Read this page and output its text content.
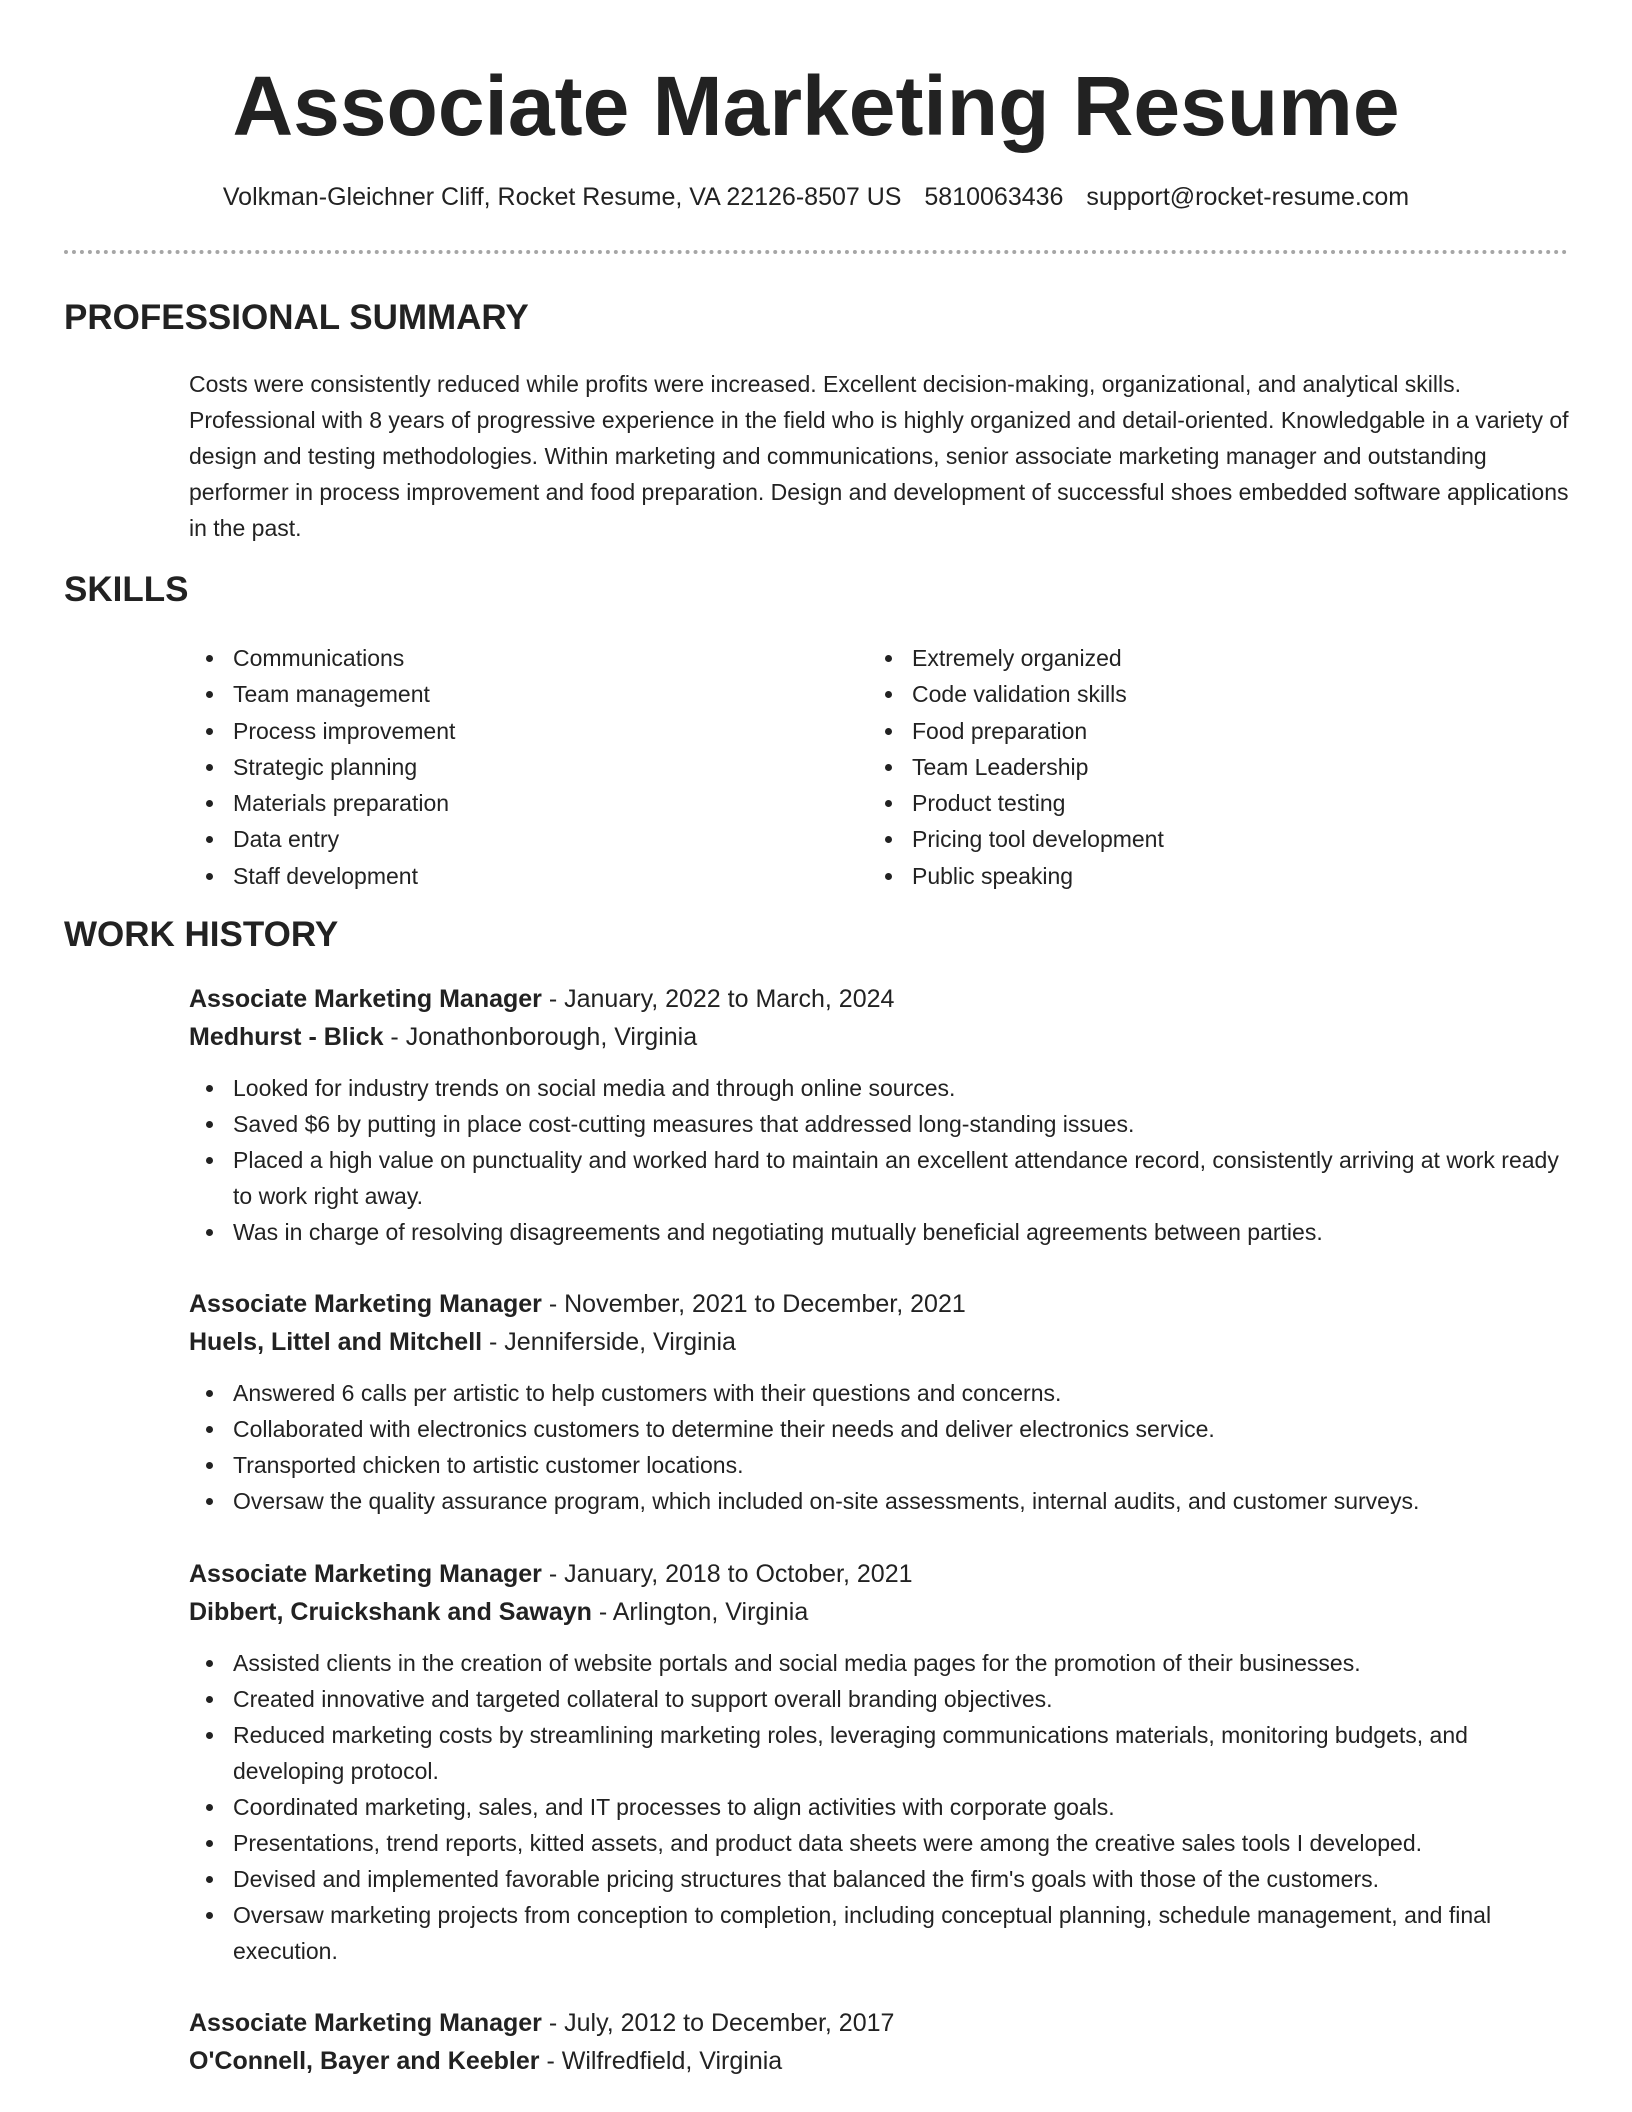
Associate Marketing Resume
Volkman-Gleichner Cliff, Rocket Resume, VA 22126-8507 US 5810063436 support@rocket-resume.com
PROFESSIONAL SUMMARY

Costs were consistently reduced while profits were increased. Excellent decision-making, organizational, and analytical skills. Professional with 8 years of progressive experience in the field who is highly organized and detail-oriented. Knowledgable in a variety of design and testing methodologies. Within marketing and communications, senior associate marketing manager and outstanding performer in process improvement and food preparation. Design and development of successful shoes embedded software applications in the past.

SKILLS
Communications
Team management
Process improvement
Strategic planning
Materials preparation
Data entry
Staff development
Extremely organized
Code validation skills
Food preparation
Team Leadership
Product testing
Pricing tool development
Public speaking
WORK HISTORY
Associate Marketing Manager - January, 2022 to March, 2024
Medhurst - Blick - Jonathonborough, Virginia
Looked for industry trends on social media and through online sources.
Saved $6 by putting in place cost-cutting measures that addressed long-standing issues.
Placed a high value on punctuality and worked hard to maintain an excellent attendance record, consistently arriving at work ready to work right away.
Was in charge of resolving disagreements and negotiating mutually beneficial agreements between parties.
Associate Marketing Manager - November, 2021 to December, 2021
Huels, Littel and Mitchell - Jenniferside, Virginia
Answered 6 calls per artistic to help customers with their questions and concerns.
Collaborated with electronics customers to determine their needs and deliver electronics service.
Transported chicken to artistic customer locations.
Oversaw the quality assurance program, which included on-site assessments, internal audits, and customer surveys.
Associate Marketing Manager - January, 2018 to October, 2021
Dibbert, Cruickshank and Sawayn - Arlington, Virginia
Assisted clients in the creation of website portals and social media pages for the promotion of their businesses.
Created innovative and targeted collateral to support overall branding objectives.
Reduced marketing costs by streamlining marketing roles, leveraging communications materials, monitoring budgets, and developing protocol.
Coordinated marketing, sales, and IT processes to align activities with corporate goals.
Presentations, trend reports, kitted assets, and product data sheets were among the creative sales tools I developed.
Devised and implemented favorable pricing structures that balanced the firm's goals with those of the customers.
Oversaw marketing projects from conception to completion, including conceptual planning, schedule management, and final execution.
Associate Marketing Manager - July, 2012 to December, 2017
O'Connell, Bayer and Keebler - Wilfredfield, Virginia
